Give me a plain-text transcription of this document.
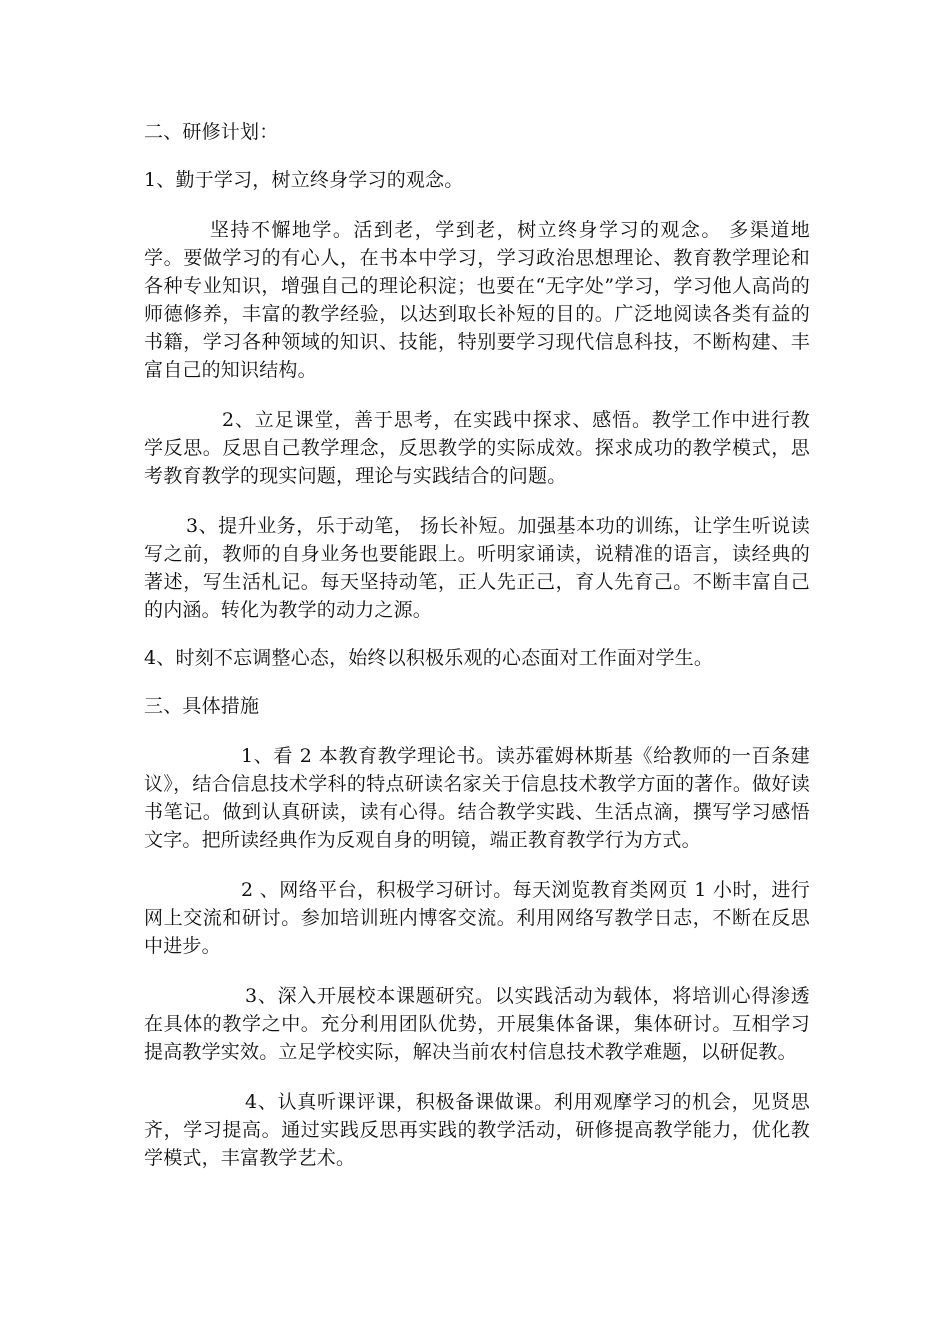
二、研修计划：

1、勤于学习，树立终身学习的观念。

坚持不懈地学。活到老，学到老，树立终身学习的观念。 多渠道地学。要做学习的有心人，在书本中学习，学习政治思想理论、教育教学理论和各种专业知识，增强自己的理论积淀；也要在“无字处”学习，学习他人高尚的师德修养，丰富的教学经验，以达到取长补短的目的。广泛地阅读各类有益的书籍，学习各种领域的知识、技能，特别要学习现代信息科技，不断构建、丰富自己的知识结构。

2、立足课堂，善于思考，在实践中探求、感悟。教学工作中进行教学反思。反思自己教学理念，反思教学的实际成效。探求成功的教学模式，思考教育教学的现实问题，理论与实践结合的问题。

3、提升业务，乐于动笔， 扬长补短。加强基本功的训练，让学生听说读写之前，教师的自身业务也要能跟上。听明家诵读，说精准的语言，读经典的著述，写生活札记。每天坚持动笔，正人先正己，育人先育己。不断丰富自己的内涵。转化为教学的动力之源。

4、时刻不忘调整心态，始终以积极乐观的心态面对工作面对学生。

三、具体措施

1、看 2 本教育教学理论书。读苏霍姆林斯基《给教师的一百条建议》，结合信息技术学科的特点研读名家关于信息技术教学方面的著作。做好读书笔记。做到认真研读，读有心得。结合教学实践、生活点滴，撰写学习感悟文字。把所读经典作为反观自身的明镜，端正教育教学行为方式。

2 、网络平台，积极学习研讨。每天浏览教育类网页 1 小时，进行网上交流和研讨。参加培训班内博客交流。利用网络写教学日志，不断在反思中进步。

3、深入开展校本课题研究。以实践活动为载体，将培训心得渗透在具体的教学之中。充分利用团队优势，开展集体备课，集体研讨。互相学习提高教学实效。立足学校实际，解决当前农村信息技术教学难题，以研促教。

4、认真听课评课，积极备课做课。利用观摩学习的机会，见贤思齐，学习提高。通过实践反思再实践的教学活动，研修提高教学能力，优化教学模式，丰富教学艺术。
